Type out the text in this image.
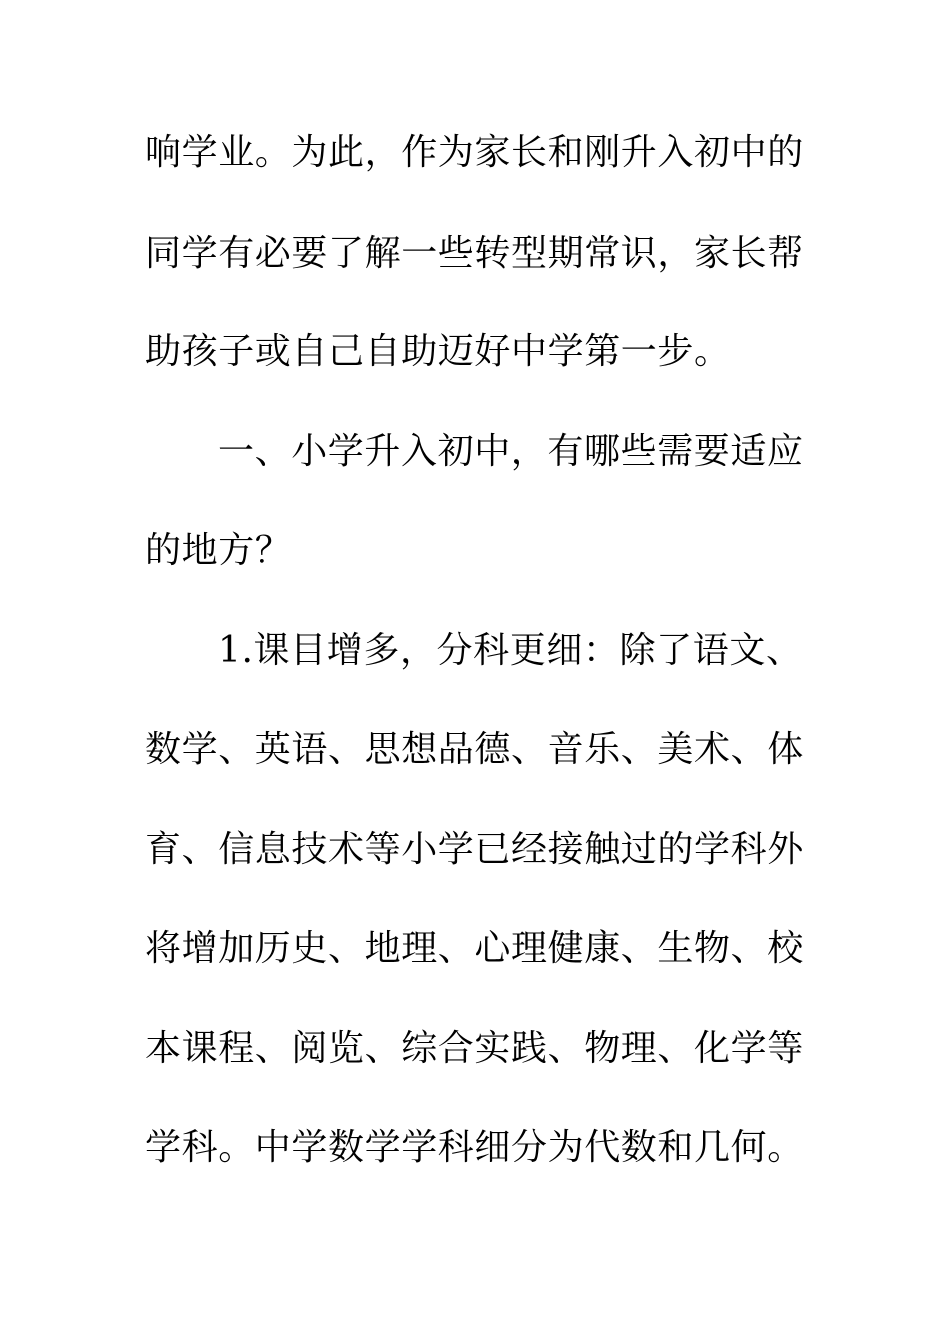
响学业。为此，作为家长和刚升入初中的
同学有必要了解一些转型期常识，家长帮
助孩子或自己自助迈好中学第一步。
一、小学升入初中，有哪些需要适应
的地方？
1.课目增多，分科更细：除了语文、
数学、英语、思想品德、音乐、美术、体
育、信息技术等小学已经接触过的学科外
将增加历史、地理、心理健康、生物、校
本课程、阅览、综合实践、物理、化学等
学科。中学数学学科细分为代数和几何。
